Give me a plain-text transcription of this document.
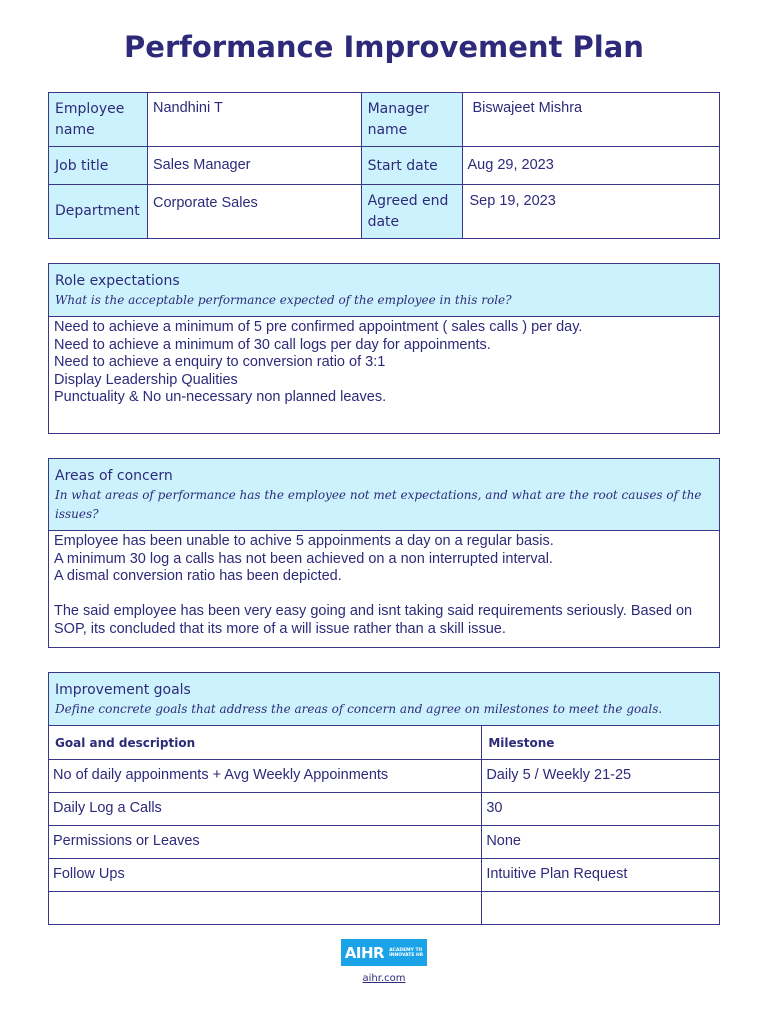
Performance Improvement Plan
Employee name	Nandhini T	Manager name	Biswajeet Mishra
Job title	Sales Manager	Start date	Aug 29, 2023
Department	Corporate Sales	Agreed end date	Sep 19, 2023
Role expectations
What is the acceptable performance expected of the employee in this role?

Need to achieve a minimum of 5 pre confirmed appointment ( sales calls ) per day.
Need to achieve a minimum of 30 call logs per day for appoinments.
Need to achieve a enquiry to conversion ratio of 3:1
Display Leadership Qualities
Punctuality & No un-necessary non planned leaves.
Areas of concern
In what areas of performance has the employee not met expectations, and what are the root causes of the issues?

Employee has been unable to achive 5 appoinments a day on a regular basis.
A minimum 30 log a calls has not been achieved on a non interrupted interval.
A dismal conversion ratio has been depicted.
The said employee has been very easy going and isnt taking said requirements seriously. Based on SOP, its concluded that its more of a will issue rather than a skill issue.
Improvement goals
Define concrete goals that address the areas of concern and agree on milestones to meet the goals.	

Goal and description	Milestone
No of daily appoinments + Avg Weekly Appoinments	Daily 5 / Weekly 21-25
Daily Log a Calls	30
Permissions or Leaves	None
Follow Ups	Intuitive Plan Request

AIHR ACADEMY TO
INNOVATE HR
aihr.com
